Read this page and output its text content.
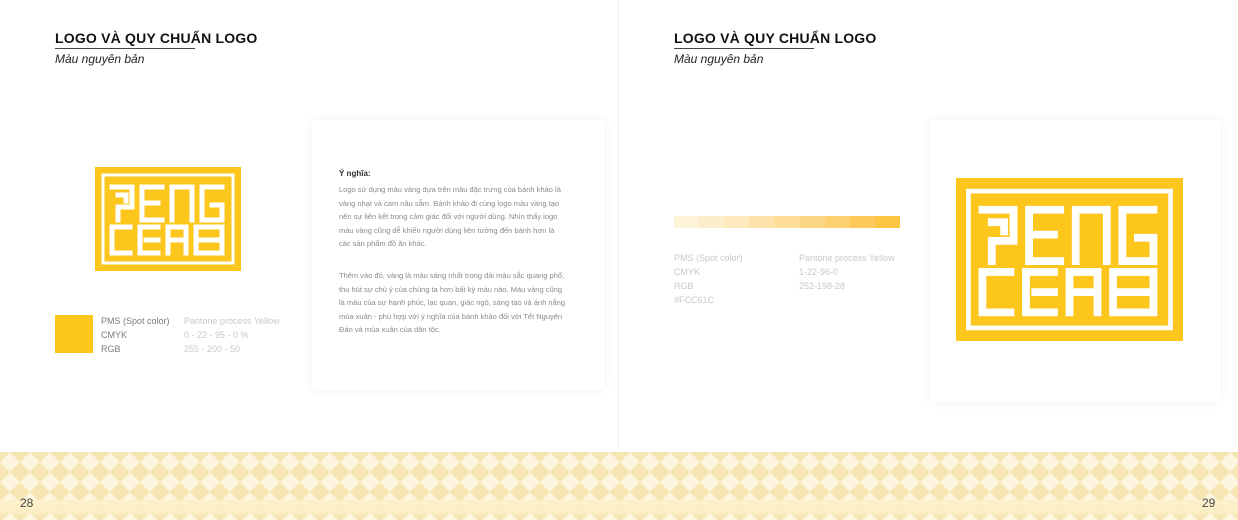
LOGO VÀ QUY CHUẨN LOGO
Màu nguyên bản
PMS (Spot color)
CMYK
RGB
Pantone process Yellow
0 - 22 - 95 - 0 %
255 - 200 - 50
Ý nghĩa:

Logo sử dụng màu vàng dựa trên màu đặc trưng của bánh khảo là vàng nhạt và cam nâu sẫm. Bánh khảo đi cùng logo màu vàng tạo nên sự liên kết trong cảm giác đối với người dùng. Nhìn thấy logo màu vàng cũng dễ khiến người dùng liên tưởng đến bánh hơn là các sản phẩm đồ ăn khác.

Thêm vào đó, vàng là màu sáng nhất trong dải màu sắc quang phổ, thu hút sự chú ý của chúng ta hơn bất kỳ màu nào. Màu vàng cũng là màu của sự hạnh phúc, lạc quan, giác ngộ, sáng tạo và ánh nắng mùa xuân - phù hợp với ý nghĩa của bánh khảo đối với Tết Nguyên Đán và mùa xuân của dân tộc.

LOGO VÀ QUY CHUẨN LOGO
Màu nguyên bản
PMS (Spot color)
CMYK
RGB
#FCC61C
Pantone process Yellow
1-22-96-0
252-198-28
28	29
